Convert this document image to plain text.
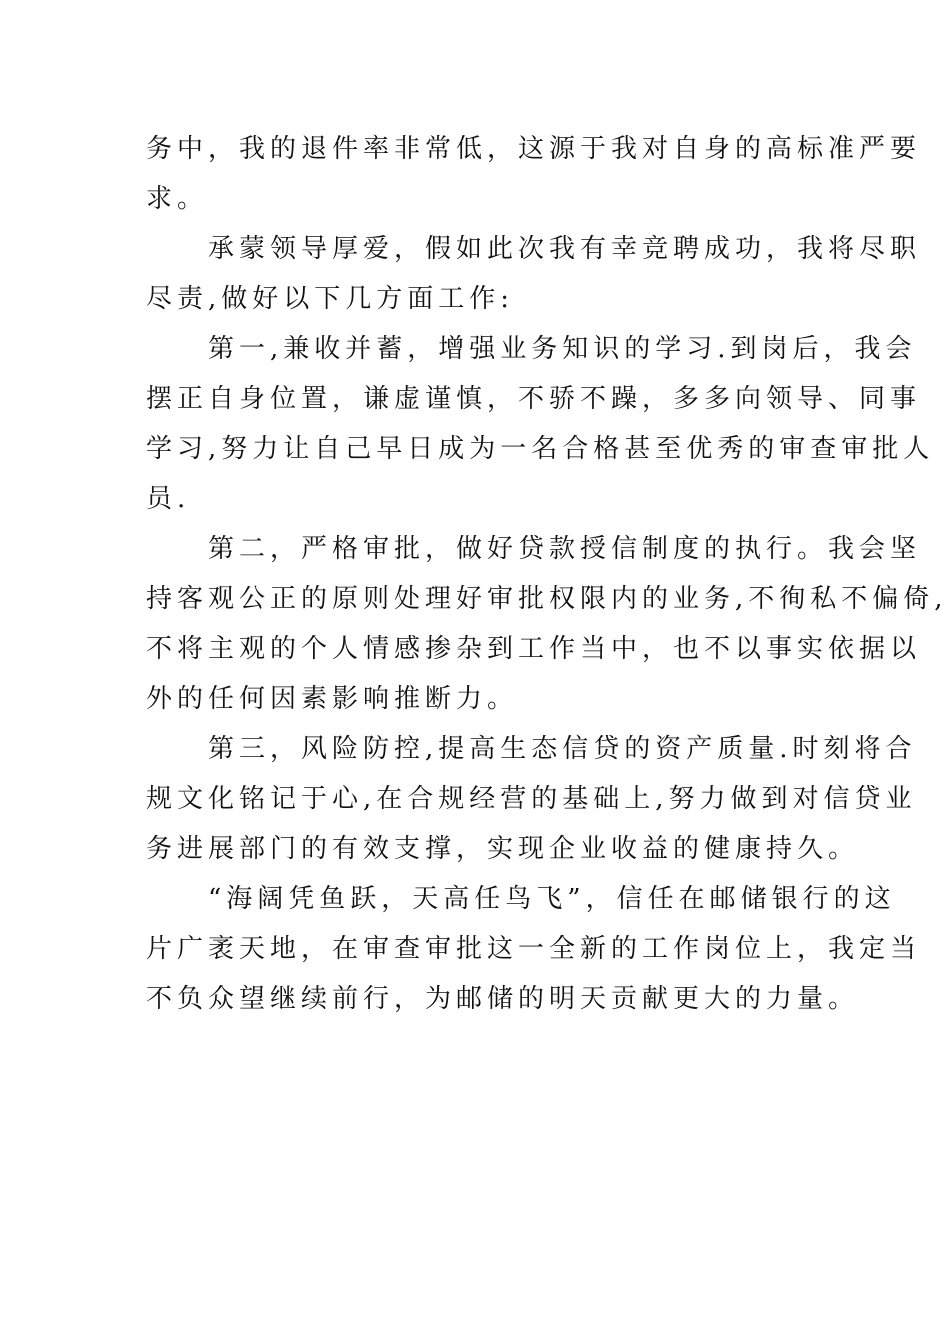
务中，我的退件率非常低，这源于我对自身的高标准严要
求。
　　承蒙领导厚爱，假如此次我有幸竞聘成功，我将尽职
尽责,做好以下几方面工作:
　　第一,兼收并蓄，增强业务知识的学习.到岗后，我会
摆正自身位置，谦虚谨慎，不骄不躁，多多向领导、同事
学习,努力让自己早日成为一名合格甚至优秀的审查审批人
员.
　　第二，严格审批，做好贷款授信制度的执行。我会坚
持客观公正的原则处理好审批权限内的业务,不徇私不偏倚,
不将主观的个人情感掺杂到工作当中，也不以事实依据以
外的任何因素影响推断力。
　　第三，风险防控,提高生态信贷的资产质量.时刻将合
规文化铭记于心,在合规经营的基础上,努力做到对信贷业
务进展部门的有效支撑，实现企业收益的健康持久。
　　“海阔凭鱼跃，天高任鸟飞”，信任在邮储银行的这
片广袤天地，在审查审批这一全新的工作岗位上，我定当
不负众望继续前行，为邮储的明天贡献更大的力量。
